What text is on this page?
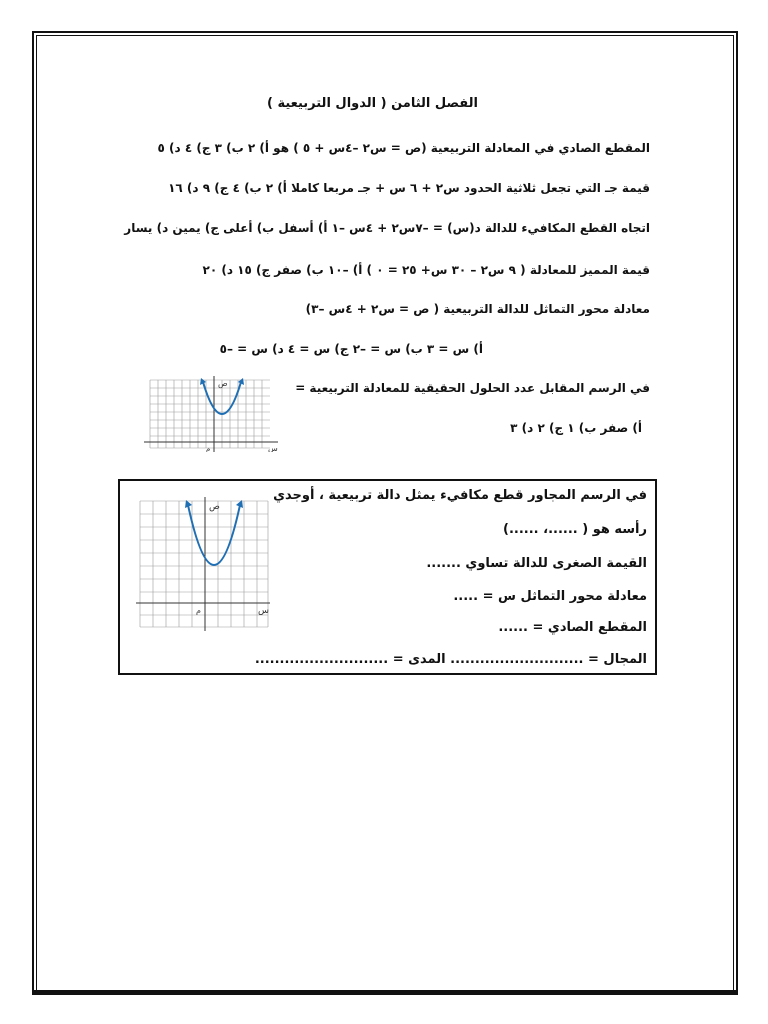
الفصل الثامن ( الدوال التربيعية )
المقطع الصادي في المعادلة التربيعية (ص = س٢ –٤س + ٥ ) هو أ) ٢ ب) ٣ ج) ٤ د) ٥
قيمة جـ التي تجعل ثلاثية الحدود س٢ + ٦ س + جـ مربعا كاملا أ) ٢ ب) ٤ ج) ٩ د) ١٦
اتجاه القطع المكافيء للدالة د(س) = –٧س٢ + ٤س –١ أ) أسفل ب) أعلى ج) يمين د) يسار
قيمة المميز للمعادلة ( ٩ س٢ – ٣٠ س+ ٢٥ = ٠ ) أ) –١٠ ب) صفر ج) ١٥ د) ٢٠
معادلة محور التماثل للدالة التربيعية ( ص = س٢ + ٤س –٣)
أ) س = ٣ ب) س = –٢ ج) س = ٤ د) س = –٥
في الرسم المقابل عدد الحلول الحقيقية للمعادلة التربيعية =
أ) صفر ب) ١ ج) ٢ د) ٣
ص
س
م
في الرسم المجاور قطع مكافيء يمثل دالة تربيعية ، أوجدي
رأسه هو ( ......، ......)
القيمة الصغرى للدالة تساوي .......
معادلة محور التماثل س = .....
المقطع الصادي = ......
المجال = ........................... المدى = ...........................
ص
س
م
